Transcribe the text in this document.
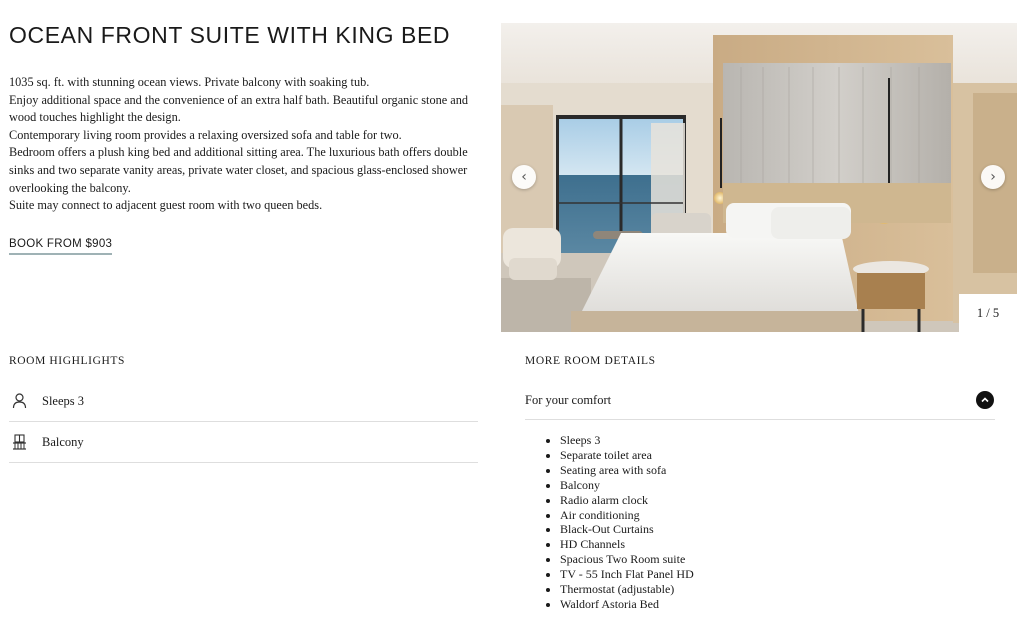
OCEAN FRONT SUITE WITH KING BED

1035 sq. ft. with stunning ocean views. Private balcony with soaking tub.

Enjoy additional space and the convenience of an extra half bath. Beautiful organic stone and wood touches highlight the design.

Contemporary living room provides a relaxing oversized sofa and table for two.

Bedroom offers a plush king bed and additional sitting area. The luxurious bath offers double sinks and two separate vanity areas, private water closet, and spacious glass-enclosed shower overlooking the balcony.

Suite may connect to adjacent guest room with two queen beds.

BOOK FROM $903
‹	›
1 / 5
ROOM HIGHLIGHTS
Sleeps 3
Balcony
MORE ROOM DETAILS
For your comfort
• Sleeps 3
• Separate toilet area
• Seating area with sofa
• Balcony
• Radio alarm clock
• Air conditioning
• Black-Out Curtains
• HD Channels
• Spacious Two Room suite
• TV - 55 Inch Flat Panel HD
• Thermostat (adjustable)
• Waldorf Astoria Bed
